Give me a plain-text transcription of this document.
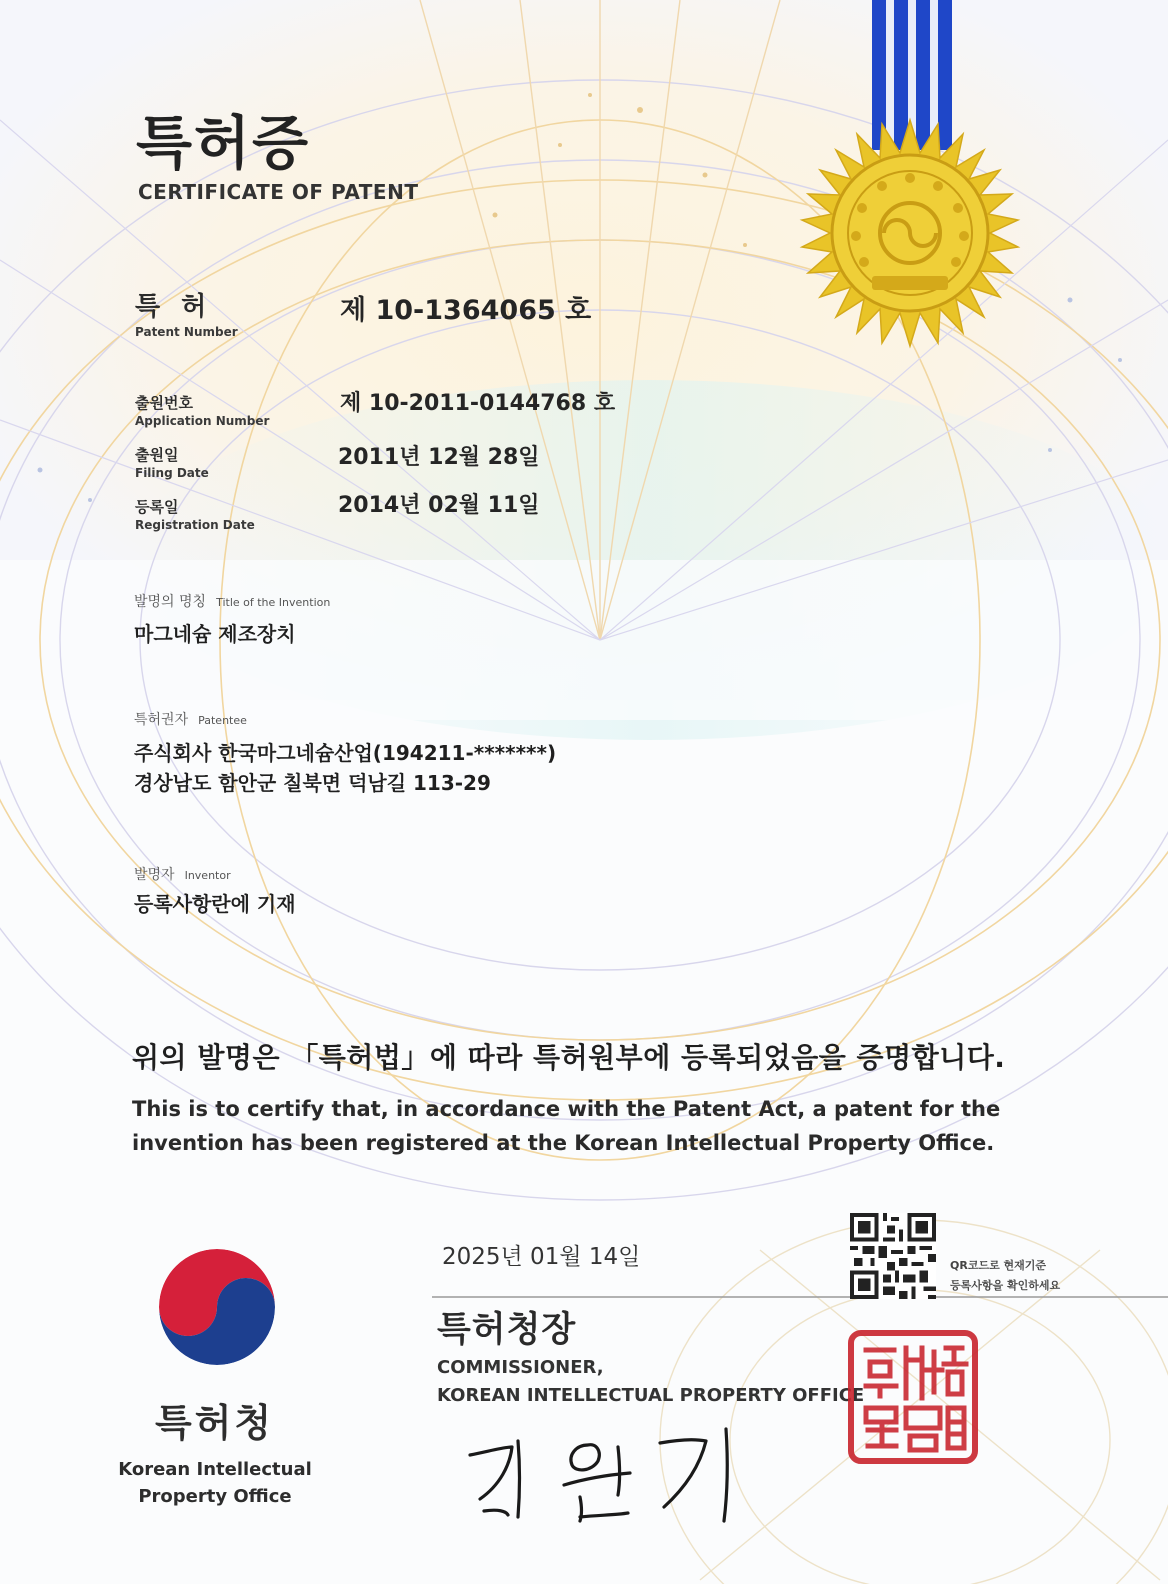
특허증
CERTIFICATE OF PATENT
특 허
Patent Number
제 10-1364065 호
출원번호
Application Number
제 10-2011-0144768 호
출원일
Filing Date
2011년 12월 28일
등록일
Registration Date
2014년 02월 11일
발명의 명칭 Title of the Invention
마그네슘 제조장치
특허권자 Patentee
주식회사 한국마그네슘산업(194211-*******)
경상남도 함안군 칠북면 덕남길 113-29
발명자 Inventor
등록사항란에 기재
위의 발명은 「특허법」에 따라 특허원부에 등록되었음을 증명합니다.
This is to certify that, in accordance with the Patent Act, a patent for the invention has been registered at the Korean Intellectual Property Office.
특허청
Korean Intellectual
Property Office
2025년 01월 14일	QR코드로 현재기준
등록사항을 확인하세요
특허청장
COMMISSIONER,
KOREAN INTELLECTUAL PROPERTY OFFICE
